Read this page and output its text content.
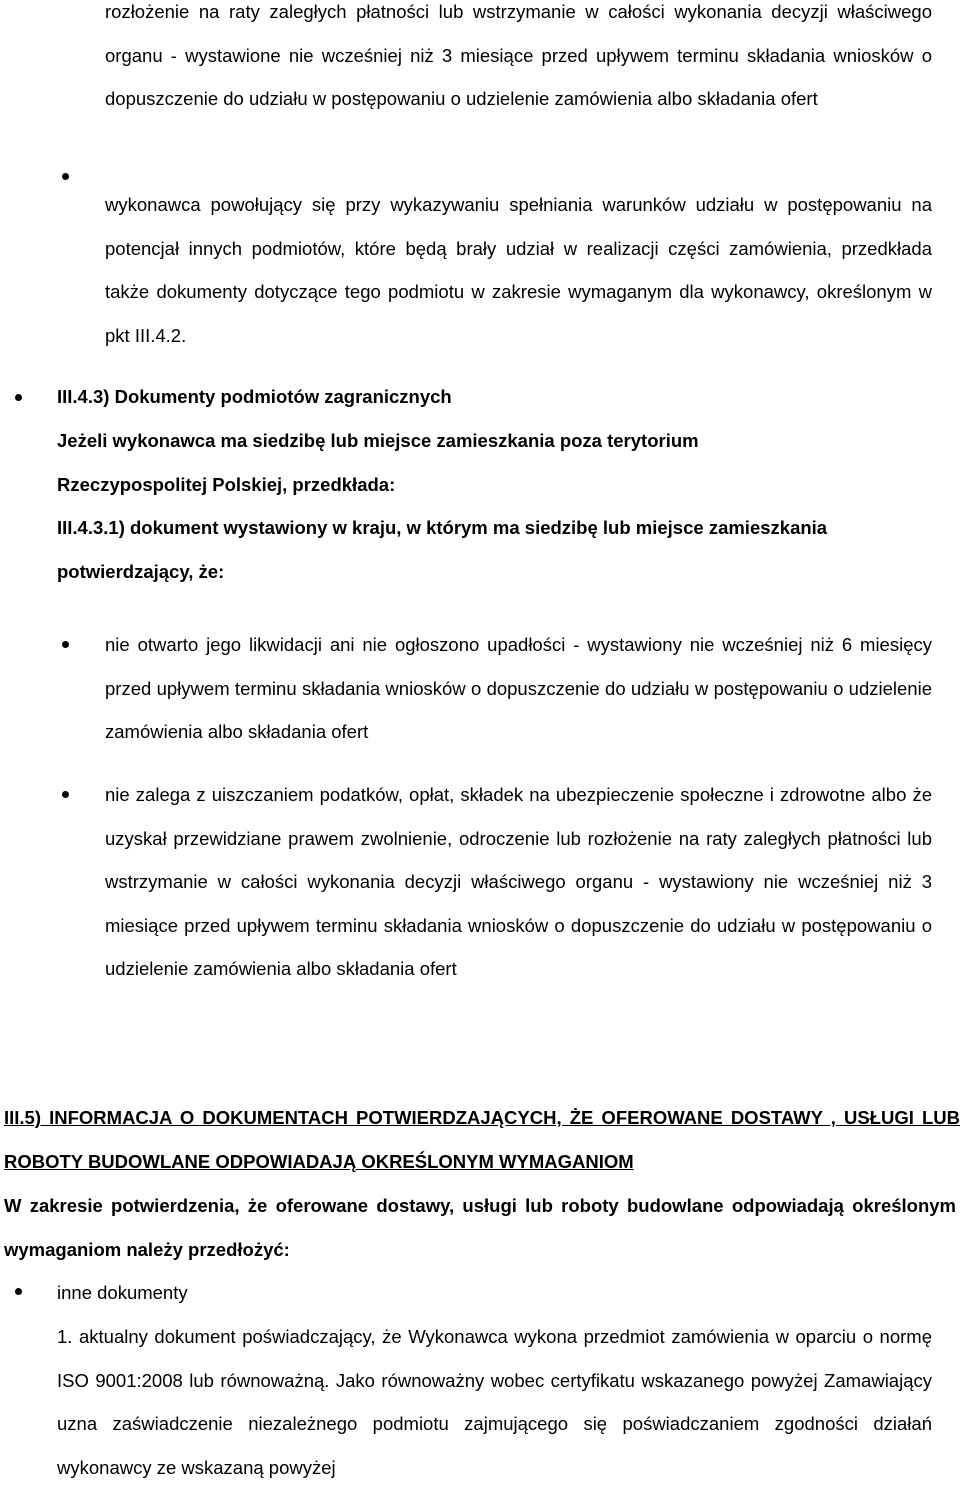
rozłożenie na raty zaległych płatności lub wstrzymanie w całości wykonania decyzji właściwego organu - wystawione nie wcześniej niż 3 miesiące przed upływem terminu składania wniosków o dopuszczenie do udziału w postępowaniu o udzielenie zamówienia albo składania ofert
wykonawca powołujący się przy wykazywaniu spełniania warunków udziału w postępowaniu na potencjał innych podmiotów, które będą brały udział w realizacji części zamówienia, przedkłada także dokumenty dotyczące tego podmiotu w zakresie wymaganym dla wykonawcy, określonym w pkt III.4.2.
III.4.3) Dokumenty podmiotów zagranicznych
Jeżeli wykonawca ma siedzibę lub miejsce zamieszkania poza terytorium Rzeczypospolitej Polskiej, przedkłada:
III.4.3.1) dokument wystawiony w kraju, w którym ma siedzibę lub miejsce zamieszkania potwierdzający, że:
nie otwarto jego likwidacji ani nie ogłoszono upadłości - wystawiony nie wcześniej niż 6 miesięcy przed upływem terminu składania wniosków o dopuszczenie do udziału w postępowaniu o udzielenie zamówienia albo składania ofert
nie zalega z uiszczaniem podatków, opłat, składek na ubezpieczenie społeczne i zdrowotne albo że uzyskał przewidziane prawem zwolnienie, odroczenie lub rozłożenie na raty zaległych płatności lub wstrzymanie w całości wykonania decyzji właściwego organu - wystawiony nie wcześniej niż 3 miesiące przed upływem terminu składania wniosków o dopuszczenie do udziału w postępowaniu o udzielenie zamówienia albo składania ofert
III.5) INFORMACJA O DOKUMENTACH POTWIERDZAJĄCYCH, ŻE OFEROWANE DOSTAWY , USŁUGI LUB ROBOTY BUDOWLANE ODPOWIADAJĄ OKREŚLONYM WYMAGANIOM
W zakresie potwierdzenia, że oferowane dostawy, usługi lub roboty budowlane odpowiadają określonym wymaganiom należy przedłożyć:
inne dokumenty
1. aktualny dokument poświadczający, że Wykonawca wykona przedmiot zamówienia w oparciu o normę ISO 9001:2008 lub równoważną. Jako równoważny wobec certyfikatu wskazanego powyżej Zamawiający uzna zaświadczenie niezależnego podmiotu zajmującego się poświadczaniem zgodności działań wykonawcy ze wskazaną powyżej
